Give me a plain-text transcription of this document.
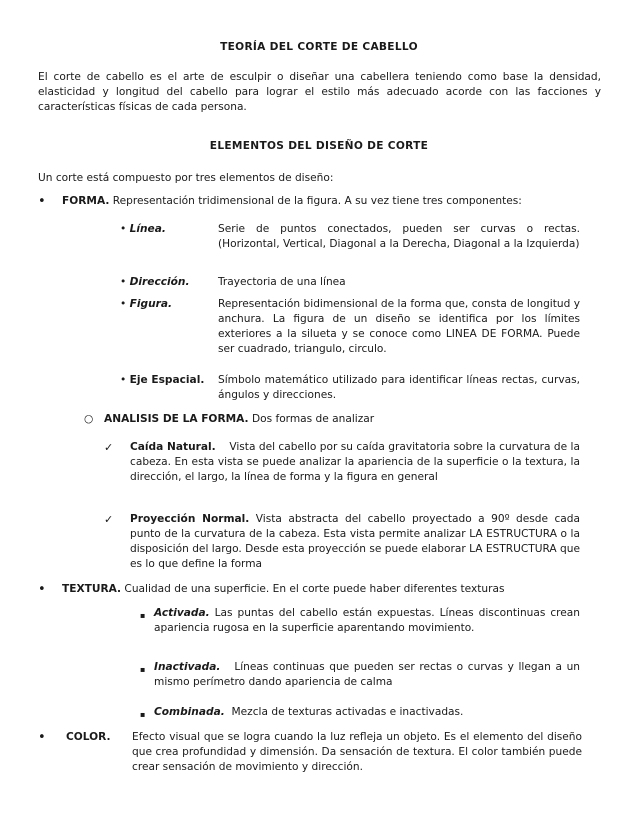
TEORÍA DEL CORTE DE CABELLO
El corte de cabello es el arte de esculpir o diseñar una cabellera teniendo como base la densidad, elasticidad y longitud del cabello para lograr el estilo más adecuado acorde con las facciones y características físicas de cada persona.
ELEMENTOS DEL DISEÑO DE CORTE
Un corte está compuesto por tres elementos de diseño:
• FORMA. Representación tridimensional de la figura. A su vez tiene tres componentes:
• Línea.	Serie de puntos conectados, pueden ser curvas o rectas. (Horizontal, Vertical, Diagonal a la Derecha, Diagonal a la Izquierda)
• Dirección.	Trayectoria de una línea
• Figura.	Representación bidimensional de la forma que, consta de longitud y anchura. La figura de un diseño se identifica por los límites exteriores a la silueta y se conoce como LINEA DE FORMA. Puede ser cuadrado, triangulo, circulo.
• Eje Espacial.	Símbolo matemático utilizado para identificar líneas rectas, curvas, ángulos y direcciones.
○ ANALISIS DE LA FORMA. Dos formas de analizar
✓ Caída Natural. Vista del cabello por su caída gravitatoria sobre la curvatura de la cabeza. En esta vista se puede analizar la apariencia de la superficie o la textura, la dirección, el largo, la línea de forma y la figura en general
✓ Proyección Normal. Vista abstracta del cabello proyectado a 90º desde cada punto de la curvatura de la cabeza. Esta vista permite analizar LA ESTRUCTURA o la disposición del largo. Desde esta proyección se puede elaborar LA ESTRUCTURA que es lo que define la forma
• TEXTURA. Cualidad de una superficie. En el corte puede haber diferentes texturas
▪ Activada. Las puntas del cabello están expuestas. Líneas discontinuas crean apariencia rugosa en la superficie aparentando movimiento.
▪ Inactivada. Líneas continuas que pueden ser rectas o curvas y llegan a un mismo perímetro dando apariencia de calma
▪ Combinada. Mezcla de texturas activadas e inactivadas.
• COLOR.	Efecto visual que se logra cuando la luz refleja un objeto. Es el elemento del diseño que crea profundidad y dimensión. Da sensación de textura. El color también puede crear sensación de movimiento y dirección.
